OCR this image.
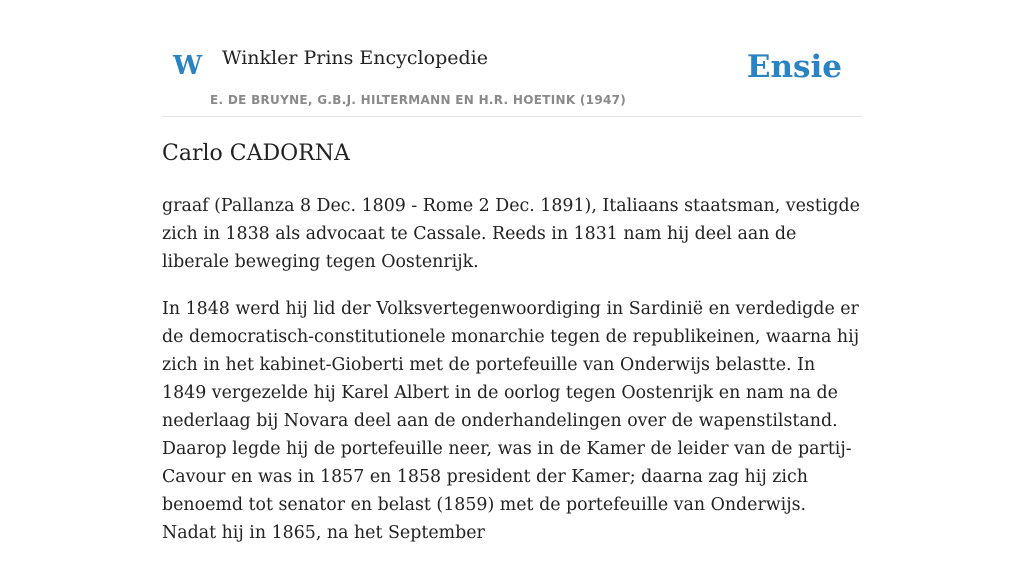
W Winkler Prins Encyclopedie
E. DE BRUYNE, G.B.J. HILTERMANN EN H.R. HOETINK (1947)
Ensie
Carlo CADORNA

graaf (Pallanza 8 Dec. 1809 - Rome 2 Dec. 1891), Italiaans staatsman, vestigde zich in 1838 als advocaat te Cassale. Reeds in 1831 nam hij deel aan de liberale beweging tegen Oostenrijk.

In 1848 werd hij lid der Volksvertegenwoordiging in Sardinië en verdedigde er de democratisch-constitutionele monarchie tegen de republikeinen, waarna hij zich in het kabinet-Gioberti met de portefeuille van Onderwijs belastte. In 1849 vergezelde hij Karel Albert in de oorlog tegen Oostenrijk en nam na de nederlaag bij Novara deel aan de onderhandelingen over de wapenstilstand. Daarop legde hij de portefeuille neer, was in de Kamer de leider van de partij-Cavour en was in 1857 en 1858 president der Kamer; daarna zag hij zich benoemd tot senator en belast (1859) met de portefeuille van Onderwijs. Nadat hij in 1865, na het September
